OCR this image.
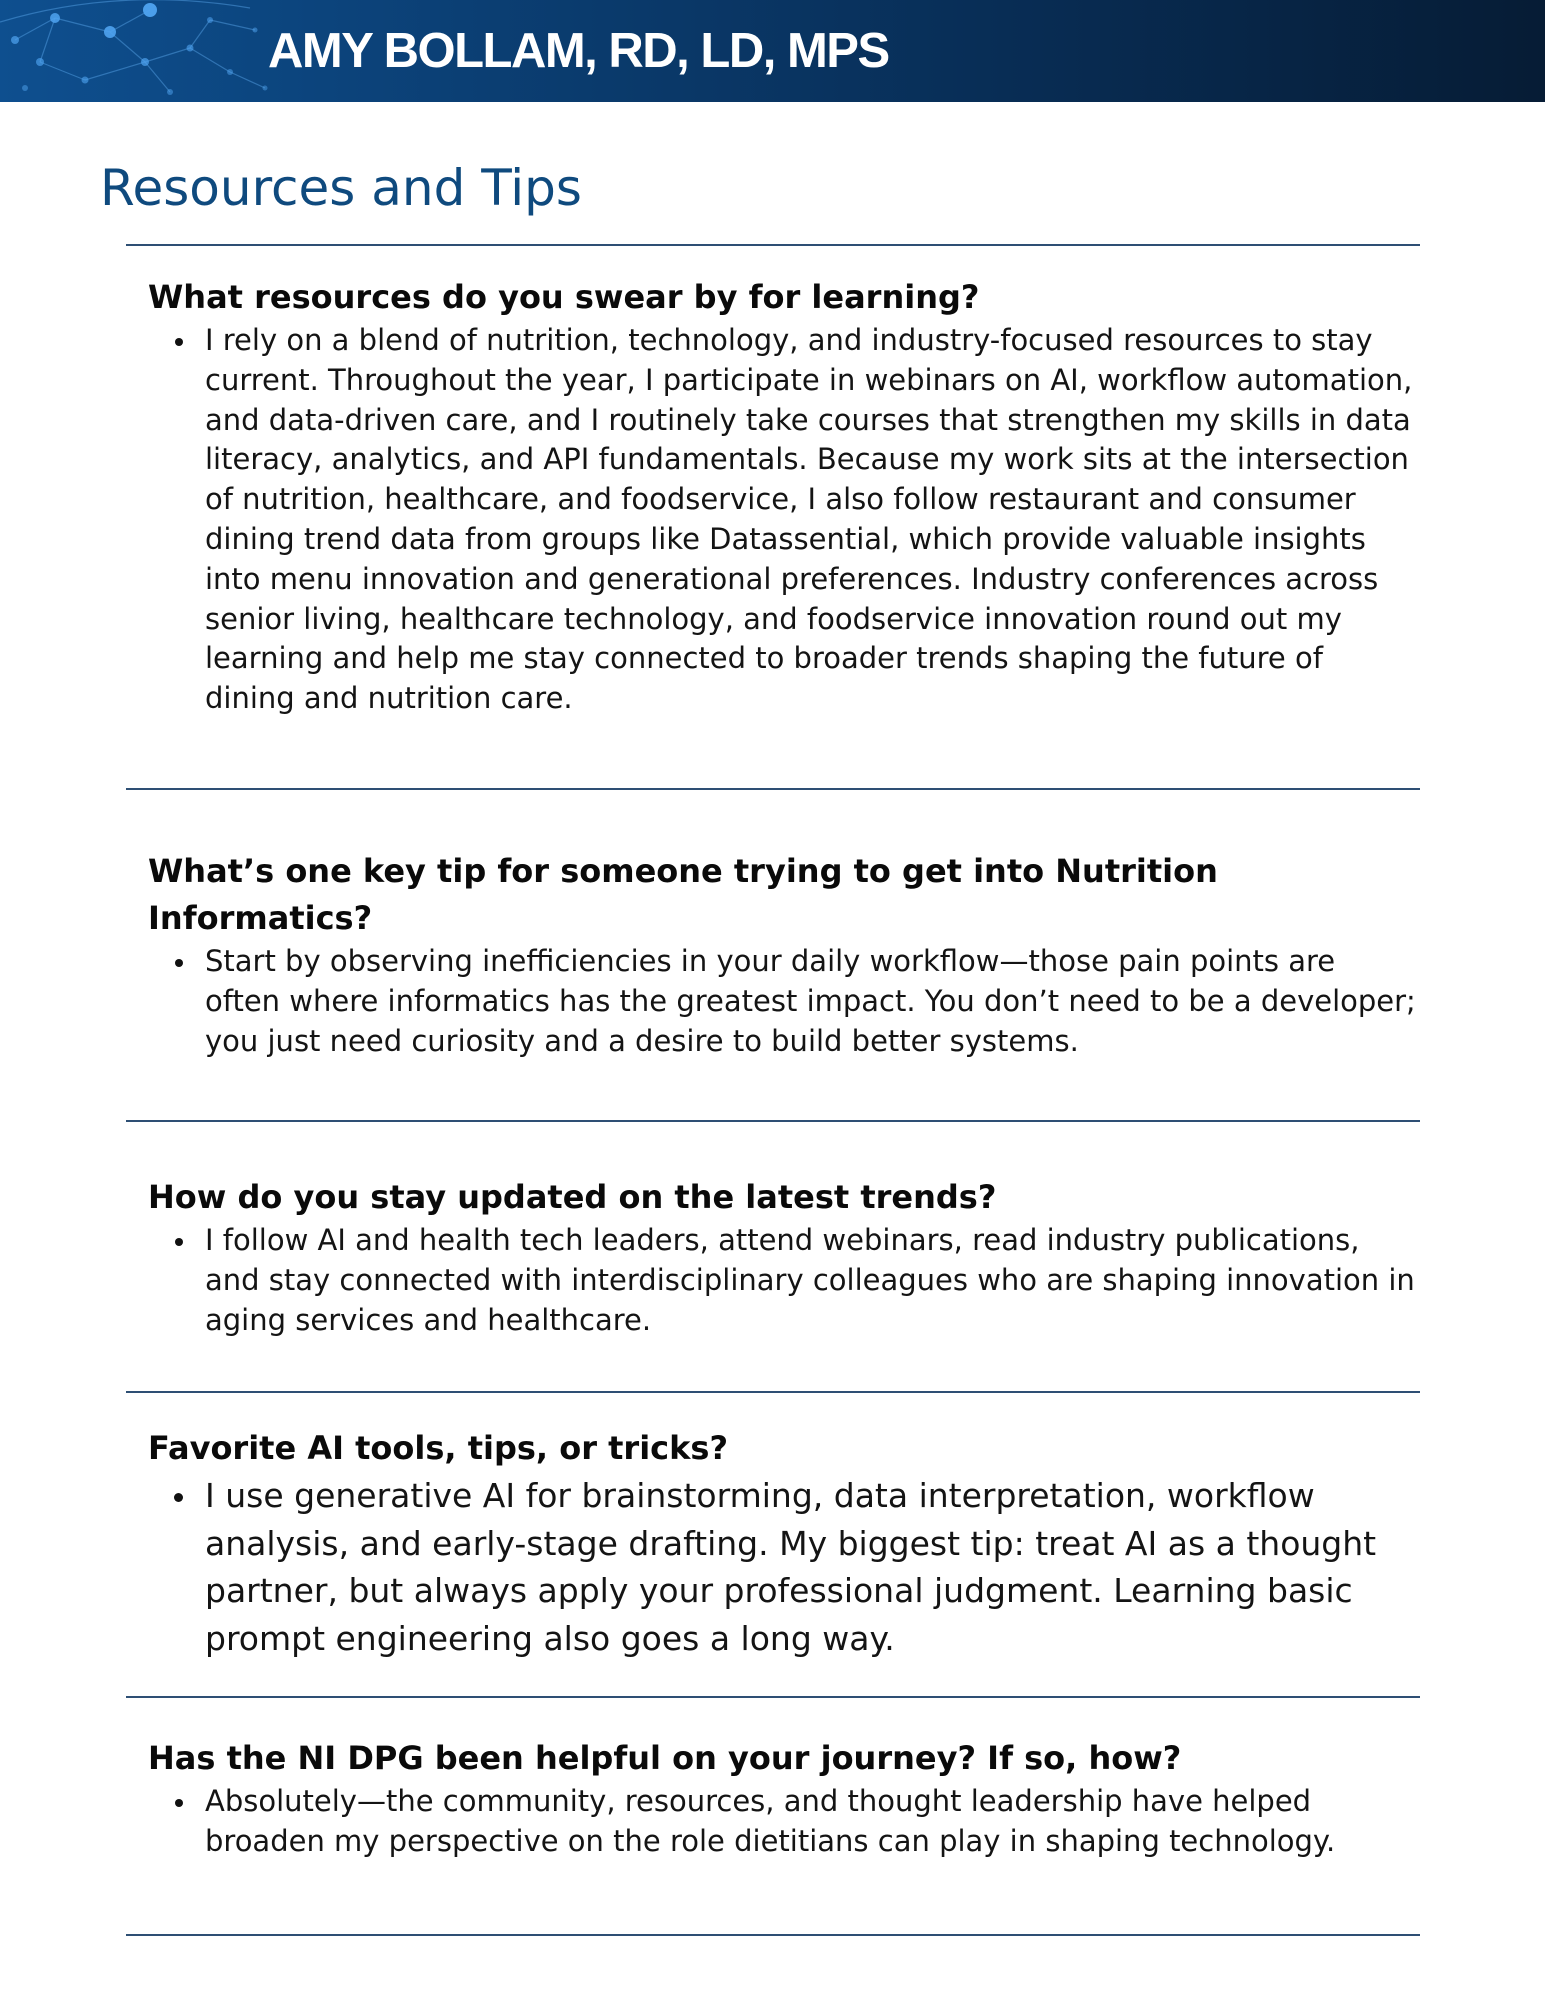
AMY BOLLAM, RD, LD, MPS
Resources and Tips

What resources do you swear by for learning?

I rely on a blend of nutrition, technology, and industry-focused resources to stay current. Throughout the year, I participate in webinars on AI, workflow automation, and data-driven care, and I routinely take courses that strengthen my skills in data literacy, analytics, and API fundamentals. Because my work sits at the intersection of nutrition, healthcare, and foodservice, I also follow restaurant and consumer dining trend data from groups like Datassential, which provide valuable insights into menu innovation and generational preferences. Industry conferences across senior living, healthcare technology, and foodservice innovation round out my learning and help me stay connected to broader trends shaping the future of dining and nutrition care.

What’s one key tip for someone trying to get into Nutrition Informatics?

Start by observing inefficiencies in your daily workflow—those pain points are often where informatics has the greatest impact. You don’t need to be a developer; you just need curiosity and a desire to build better systems.

How do you stay updated on the latest trends?

I follow AI and health tech leaders, attend webinars, read industry publications, and stay connected with interdisciplinary colleagues who are shaping innovation in aging services and healthcare.

Favorite AI tools, tips, or tricks?

I use generative AI for brainstorming, data interpretation, workflow analysis, and early-stage drafting. My biggest tip: treat AI as a thought partner, but always apply your professional judgment. Learning basic prompt engineering also goes a long way.

Has the NI DPG been helpful on your journey? If so, how?

Absolutely—the community, resources, and thought leadership have helped broaden my perspective on the role dietitians can play in shaping technology.
